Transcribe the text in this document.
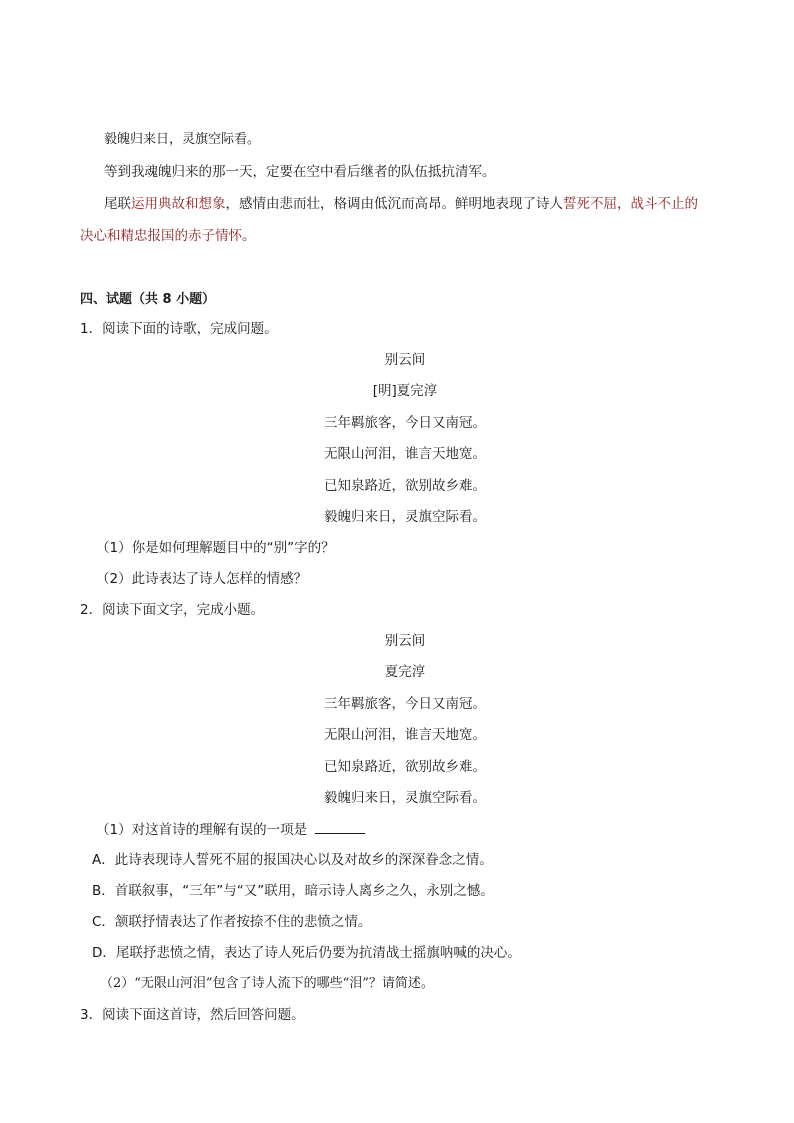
毅魄归来日，灵旗空际看。
等到我魂魄归来的那一天，定要在空中看后继者的队伍抵抗清军。
尾联运用典故和想象，感情由悲而壮，格调由低沉而高昂。鲜明地表现了诗人誓死不屈，战斗不止的
决心和精忠报国的赤子情怀。
四、试题（共 8 小题）
1．阅读下面的诗歌，完成问题。
别云间
[明]夏完淳
三年羁旅客，今日又南冠。
无限山河泪，谁言天地宽。
已知泉路近，欲别故乡难。
毅魄归来日，灵旗空际看。
（1）你是如何理解题目中的“别”字的？
（2）此诗表达了诗人怎样的情感？
2．阅读下面文字，完成小题。
别云间
夏完淳
三年羁旅客，今日又南冠。
无限山河泪，谁言天地宽。
已知泉路近，欲别故乡难。
毅魄归来日，灵旗空际看。
（1）对这首诗的理解有误的一项是
A．此诗表现诗人誓死不屈的报国决心以及对故乡的深深眷念之情。
B．首联叙事，“三年”与“又”联用，暗示诗人离乡之久，永别之憾。
C．颔联抒情表达了作者按捺不住的悲愤之情。
D．尾联抒悲愤之情，表达了诗人死后仍要为抗清战士摇旗呐喊的决心。
（2）“无限山河泪”包含了诗人流下的哪些“泪”？请简述。
3．阅读下面这首诗，然后回答问题。
